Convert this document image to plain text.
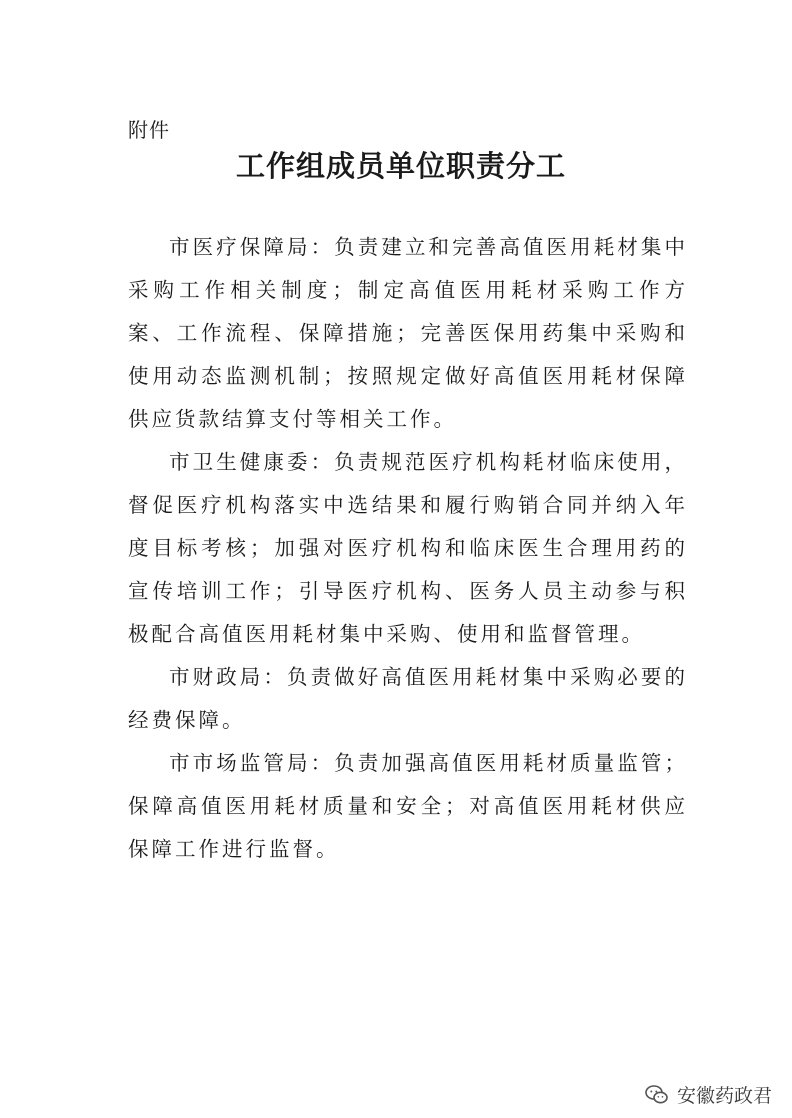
附件
工作组成员单位职责分工

市医疗保障局：负责建立和完善高值医用耗材集中采购工作相关制度；制定高值医用耗材采购工作方案、工作流程、保障措施；完善医保用药集中采购和使用动态监测机制；按照规定做好高值医用耗材保障供应货款结算支付等相关工作。

市卫生健康委：负责规范医疗机构耗材临床使用，督促医疗机构落实中选结果和履行购销合同并纳入年度目标考核；加强对医疗机构和临床医生合理用药的宣传培训工作；引导医疗机构、医务人员主动参与积极配合高值医用耗材集中采购、使用和监督管理。

市财政局：负责做好高值医用耗材集中采购必要的经费保障。

市市场监管局：负责加强高值医用耗材质量监管；保障高值医用耗材质量和安全；对高值医用耗材供应保障工作进行监督。

安徽药政君
